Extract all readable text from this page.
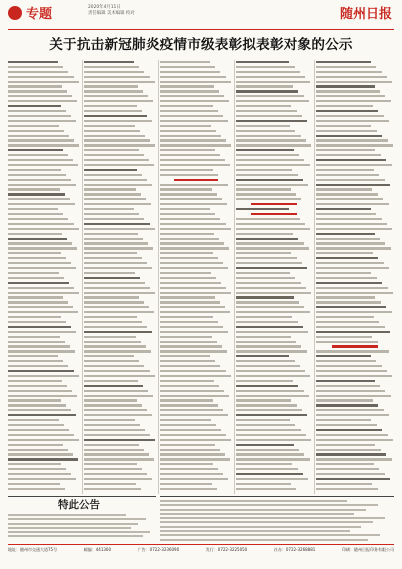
专题	2020年4月11日
责任编辑 美术编辑 校对	随州日报
关于抗击新冠肺炎疫情市级表彰拟表彰对象的公示

特此公告

地址：随州市交通大道75号	邮编：441300	广告：0722-3236090	发行：0722-3225050	社办：0722-3268881	印刷：随州日报印务有限公司
